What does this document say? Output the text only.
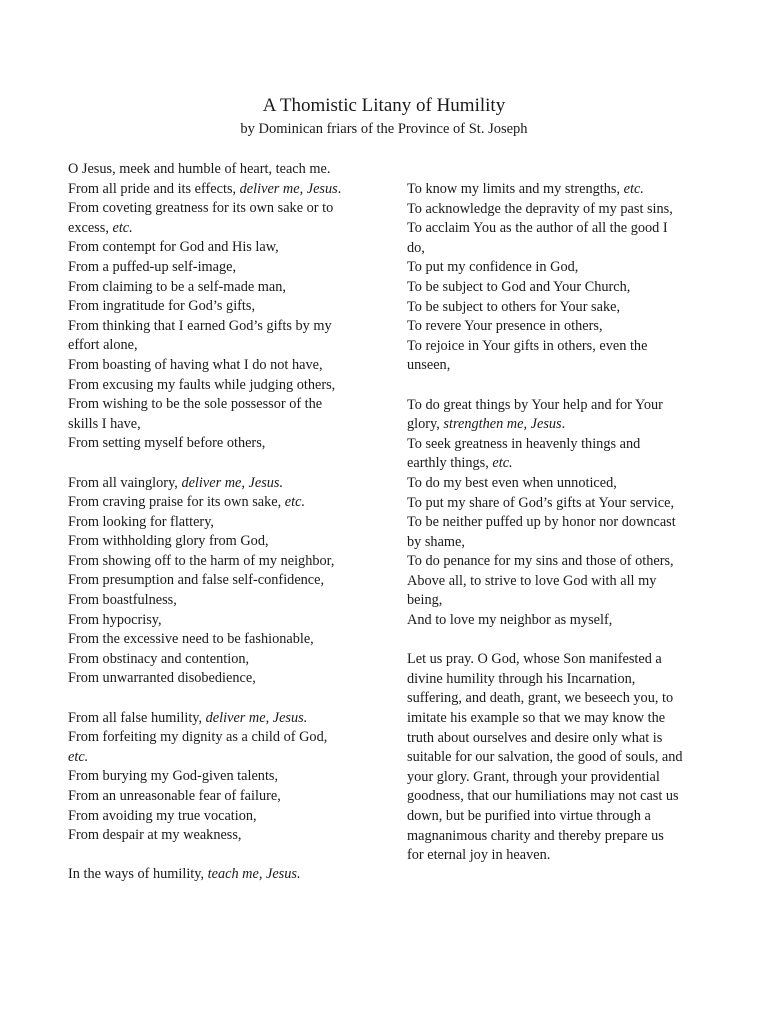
A Thomistic Litany of Humility
by Dominican friars of the Province of St. Joseph
O Jesus, meek and humble of heart, teach me.
From all pride and its effects, deliver me, Jesus.
From coveting greatness for its own sake or to
excess, etc.
From contempt for God and His law,
From a puffed-up self-image,
From claiming to be a self-made man,
From ingratitude for God’s gifts,
From thinking that I earned God’s gifts by my
effort alone,
From boasting of having what I do not have,
From excusing my faults while judging others,
From wishing to be the sole possessor of the
skills I have,
From setting myself before others,
From all vainglory, deliver me, Jesus.
From craving praise for its own sake, etc.
From looking for flattery,
From withholding glory from God,
From showing off to the harm of my neighbor,
From presumption and false self-confidence,
From boastfulness,
From hypocrisy,
From the excessive need to be fashionable,
From obstinacy and contention,
From unwarranted disobedience,
From all false humility, deliver me, Jesus.
From forfeiting my dignity as a child of God,
etc.
From burying my God-given talents,
From an unreasonable fear of failure,
From avoiding my true vocation,
From despair at my weakness,
In the ways of humility, teach me, Jesus.
To know my limits and my strengths, etc.
To acknowledge the depravity of my past sins,
To acclaim You as the author of all the good I
do,
To put my confidence in God,
To be subject to God and Your Church,
To be subject to others for Your sake,
To revere Your presence in others,
To rejoice in Your gifts in others, even the
unseen,
To do great things by Your help and for Your
glory, strengthen me, Jesus.
To seek greatness in heavenly things and
earthly things, etc.
To do my best even when unnoticed,
To put my share of God’s gifts at Your service,
To be neither puffed up by honor nor downcast
by shame,
To do penance for my sins and those of others,
Above all, to strive to love God with all my
being,
And to love my neighbor as myself,
Let us pray. O God, whose Son manifested a
divine humility through his Incarnation,
suffering, and death, grant, we beseech you, to
imitate his example so that we may know the
truth about ourselves and desire only what is
suitable for our salvation, the good of souls, and
your glory. Grant, through your providential
goodness, that our humiliations may not cast us
down, but be purified into virtue through a
magnanimous charity and thereby prepare us
for eternal joy in heaven.
